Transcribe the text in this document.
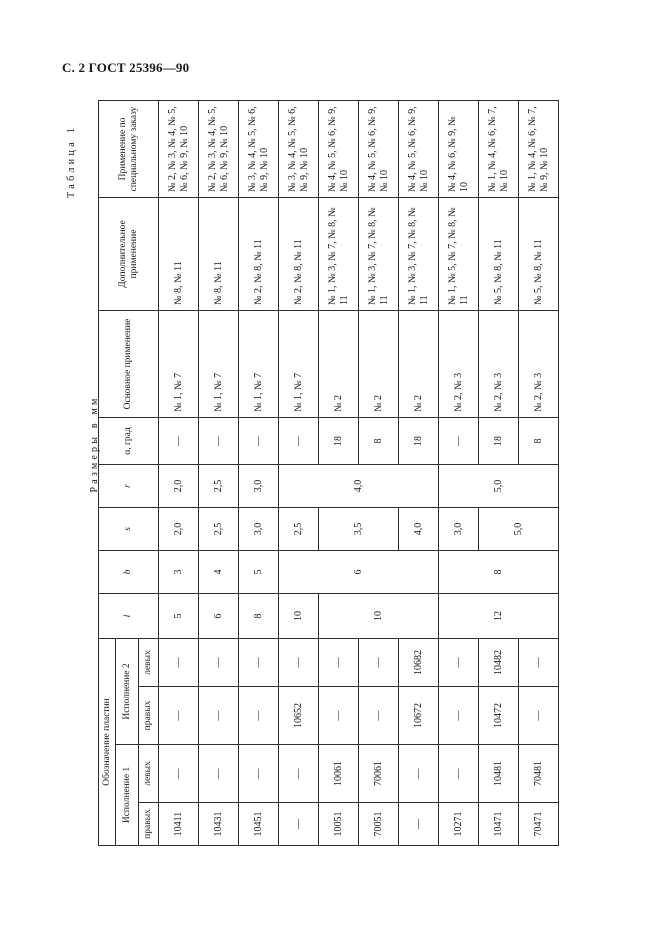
С. 2 ГОСТ 25396—90
Таблица 1
Размеры в мм
Обозначение пластин				l	b	s	r	α, град	Основное применение	Дополнительное применение	Применение по специальному заказу
Исполнение 1		Исполнение 2									
правых	левых	правых	левых								
10411	—	—	—	5	3	2,0	2,0	—	№ 1, № 7	№ 8, № 11	№ 2, № 3, № 4, № 5, № 6, № 9, № 10
10431	—	—	—	6	4	2,5	2,5	—	№ 1, № 7	№ 8, № 11	№ 2, № 3, № 4, № 5, № 6, № 9, № 10
10451	—	—	—	8	5	3,0	3,0	—	№ 1, № 7	№ 2, № 8, № 11	№ 3, № 4, № 5, № 6, № 9, № 10
—	—	10652	—	10	6	2,5	4,0	—	№ 1, № 7	№ 2, № 8, № 11	№ 3, № 4, № 5, № 6, № 9, № 10
10051	10061	—	—	10		3,5		18	№ 2	№ 1, № 3, № 7, № 8, № 11	№ 4, № 5, № 6, № 9, № 10
70051	70061	—	—					8	№ 2	№ 1, № 3, № 7, № 8, № 11	№ 4, № 5, № 6, № 9, № 10
—	—	10672	10682			4,0		18	№ 2	№ 1, № 3, № 7, № 8, № 11	№ 4, № 5, № 6, № 9, № 10
10271	—	—	—	12	8	3,0	5,0	—	№ 2, № 3	№ 1, № 5, № 7, № 8, № 11	№ 4, № 6, № 9, № 10
10471	10481	10472	10482			5,0		18	№ 2, № 3	№ 5, № 8, № 11	№ 1, № 4, № 6, № 7, № 10
70471	70481	—	—					8	№ 2, № 3	№ 5, № 8, № 11	№ 1, № 4, № 6, № 7, № 9, № 10
